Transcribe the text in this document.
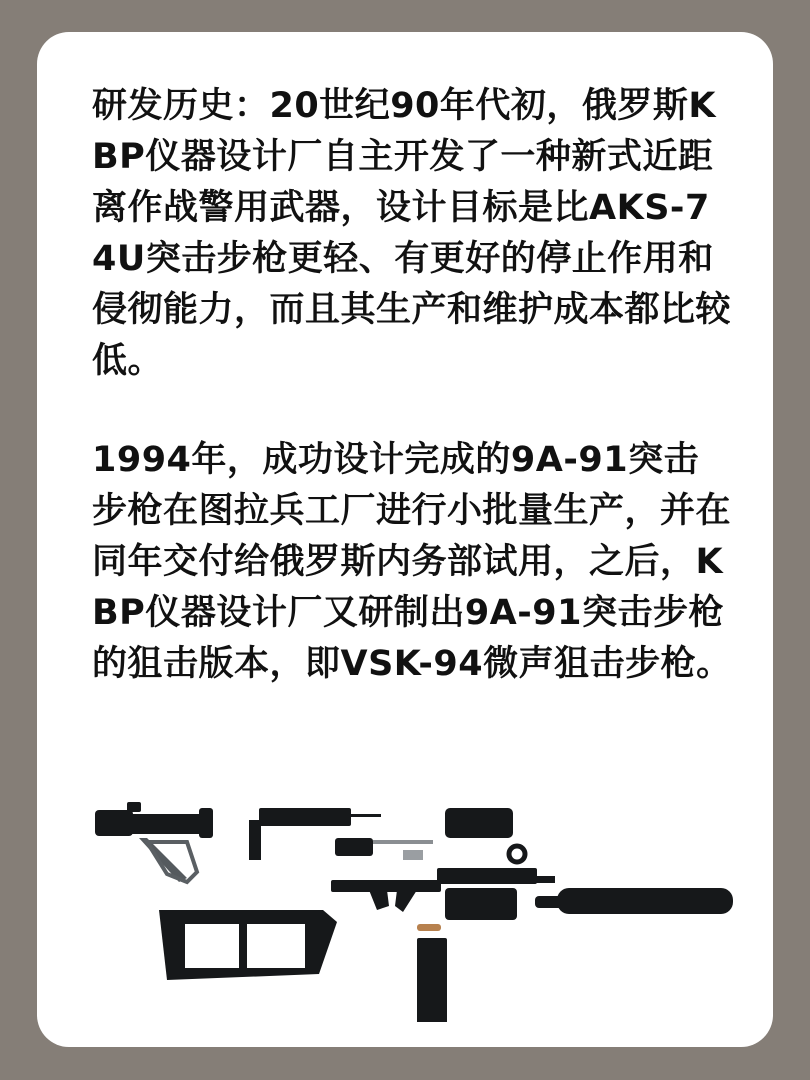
研发历史：20世纪90年代初，俄罗斯KBP仪器设计厂自主开发了一种新式近距离作战警用武器，设计目标是比AKS-74U突击步枪更轻、有更好的停止作用和侵彻能力，而且其生产和维护成本都比较低。

1994年，成功设计完成的9A-91突击步枪在图拉兵工厂进行小批量生产，并在同年交付给俄罗斯内务部试用，之后，KBP仪器设计厂又研制出9A-91突击步枪的狙击版本，即VSK-94微声狙击步枪。
